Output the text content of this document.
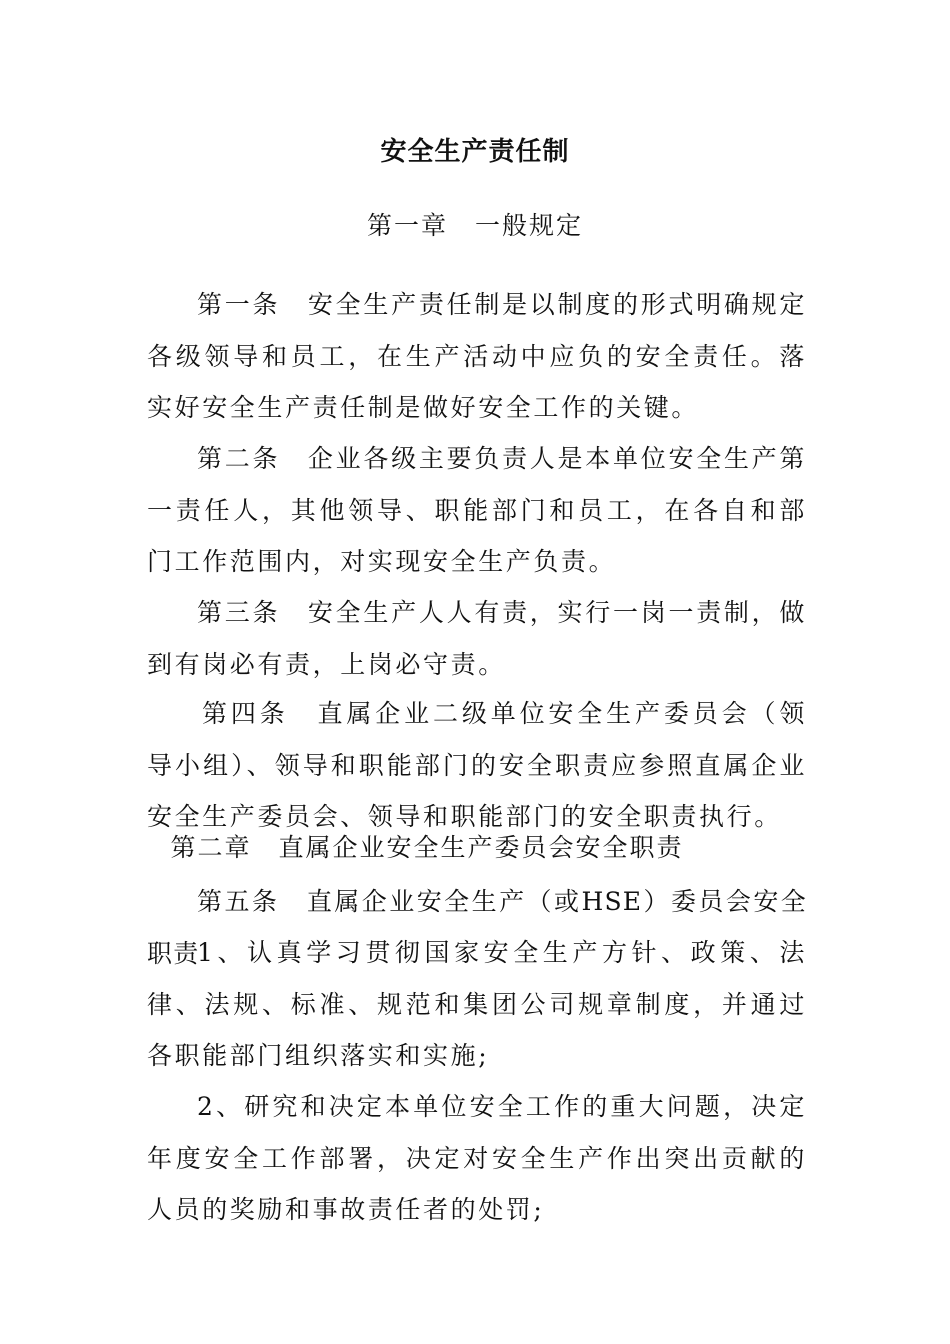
安全生产责任制
第一章　一般规定
第一条　安全生产责任制是以制度的形式明确规定各级领导和员工，在生产活动中应负的安全责任。落实好安全生产责任制是做好安全工作的关键。
第二条　企业各级主要负责人是本单位安全生产第一责任人，其他领导、职能部门和员工，在各自和部门工作范围内，对实现安全生产负责。
第三条　安全生产人人有责，实行一岗一责制，做到有岗必有责，上岗必守责。
第四条　直属企业二级单位安全生产委员会（领导小组）、领导和职能部门的安全职责应参照直属企业安全生产委员会、领导和职能部门的安全职责执行。
第二章　直属企业安全生产委员会安全职责
第五条　直属企业安全生产（或HSE）委员会安全职责
1、认真学习贯彻国家安全生产方针、政策、法律、法规、标准、规范和集团公司规章制度，并通过各职能部门组织落实和实施;
2、研究和决定本单位安全工作的重大问题，决定年度安全工作部署，决定对安全生产作出突出贡献的人员的奖励和事故责任者的处罚;
